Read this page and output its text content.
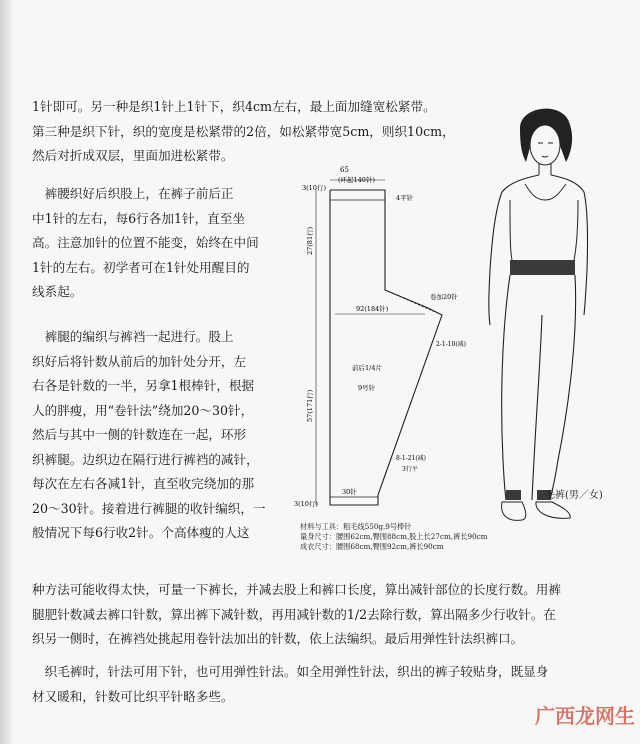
1针即可。另一种是织1针上1针下，织4cm左右，最上面加缝宽松紧带。
第三种是织下针，织的宽度是松紧带的2倍，如松紧带宽5cm，则织10cm，
然后对折成双层，里面加进松紧带。

　裤腰织好后织股上，在裤子前后正
中1针的左右，每6行各加1针，直至坐
高。注意加针的位置不能变，始终在中间
1针的左右。初学者可在1针处用醒目的
线系起。

　裤腿的编织与裤裆一起进行。股上
织好后将针数从前后的加针处分开，左
右各是针数的一半，另拿1根棒针，根据
人的胖瘦，用“卷针法”绕加20～30针，
然后与其中一侧的针数连在一起，环形
织裤腿。边织边在隔行进行裤裆的减针，
每次在左右各减1针，直至收完绕加的那
20～30针。接着进行裤腿的收针编织，一
般情况下每6行收2针。个高体瘦的人这

种方法可能收得太快，可量一下裤长，并减去股上和裤口长度，算出减针部位的长度行数。用裤
腿肥针数减去裤口针数，算出裤下减针数，再用减针数的1/2去除行数，算出隔多少行收针。在
织另一侧时，在裤裆处挑起用卷针法加出的针数，依上法编织。最后用弹性针法织裤口。

　织毛裤时，针法可用下针，也可用弹性针法。如全用弹性针法，织出的裤子较贴身，既显身
材又暖和，针数可比织平针略多些。

65
(环起140针)
3(10行)
27(81行)
57(171行)
3(10行)
4平针
卷加20针
92(184针)
2-1-10(减)
前后1/4片
9号针
8-1-21(减)
3行平
30针	毛裤(男／女)
材料与工具：粗毛线550g,9号棒针
量身尺寸：腰围62cm,臀围88cm,股上长27cm,裤长90cm
成衣尺寸：腰围68cm,臀围92cm,裤长90cm
广西龙网生
